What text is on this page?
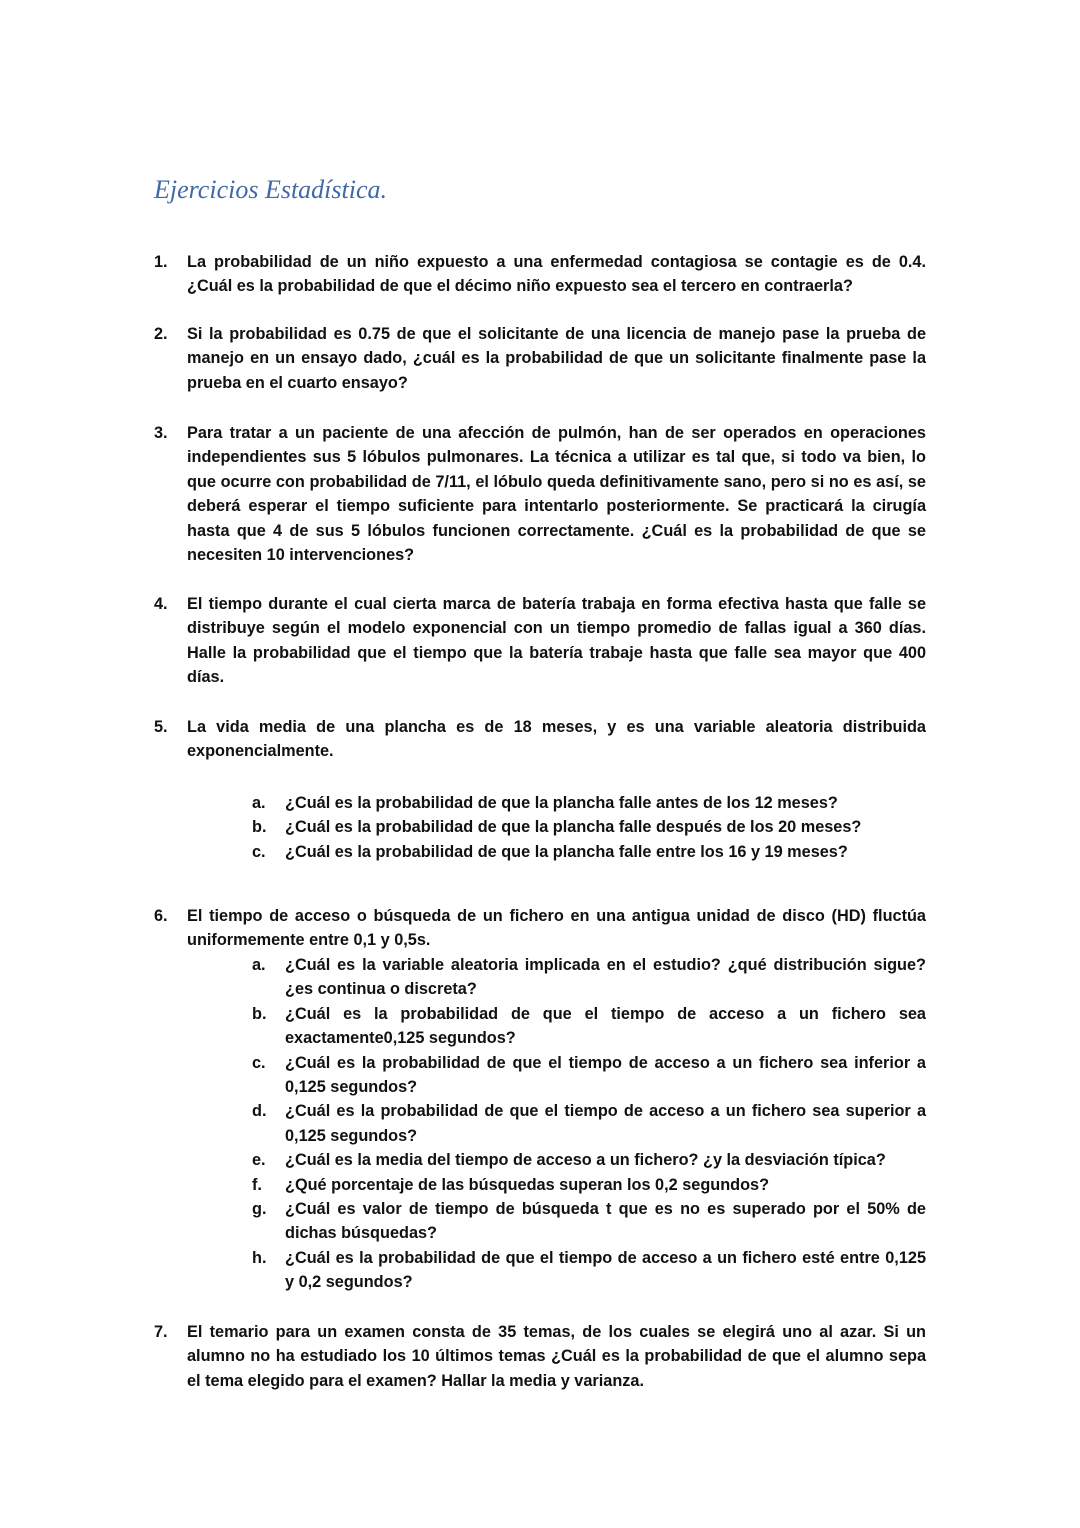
Ejercicios Estadística.
1.	La probabilidad de un niño expuesto a una enfermedad contagiosa se contagie es de 0.4. ¿Cuál es la probabilidad de que el décimo niño expuesto sea el tercero en contraerla?
2.	Si la probabilidad es 0.75 de que el solicitante de una licencia de manejo pase la prueba de manejo en un ensayo dado, ¿cuál es la probabilidad de que un solicitante finalmente pase la prueba en el cuarto ensayo?
3.	Para tratar a un paciente de una afección de pulmón, han de ser operados en operaciones independientes sus 5 lóbulos pulmonares. La técnica a utilizar es tal que, si todo va bien, lo que ocurre con probabilidad de 7/11, el lóbulo queda definitivamente sano, pero si no es así, se deberá esperar el tiempo suficiente para intentarlo posteriormente. Se practicará la cirugía hasta que 4 de sus 5 lóbulos funcionen correctamente. ¿Cuál es la probabilidad de que se necesiten 10 intervenciones?
4.	El tiempo durante el cual cierta marca de batería trabaja en forma efectiva hasta que falle se distribuye según el modelo exponencial con un tiempo promedio de fallas igual a 360 días. Halle la probabilidad que el tiempo que la batería trabaje hasta que falle sea mayor que 400 días.
5.	La vida media de una plancha es de 18 meses, y es una variable aleatoria distribuida exponencialmente.
a. ¿Cuál es la probabilidad de que la plancha falle antes de los 12 meses?
b. ¿Cuál es la probabilidad de que la plancha falle después de los 20 meses?
c. ¿Cuál es la probabilidad de que la plancha falle entre los 16 y 19 meses?
6.	El tiempo de acceso o búsqueda de un fichero en una antigua unidad de disco (HD) fluctúa uniformemente entre 0,1 y 0,5s.
a. ¿Cuál es la variable aleatoria implicada en el estudio? ¿qué distribución sigue? ¿es continua o discreta?
b. ¿Cuál es la probabilidad de que el tiempo de acceso a un fichero sea exactamente0,125 segundos?
c. ¿Cuál es la probabilidad de que el tiempo de acceso a un fichero sea inferior a 0,125 segundos?
d. ¿Cuál es la probabilidad de que el tiempo de acceso a un fichero sea superior a 0,125 segundos?
e. ¿Cuál es la media del tiempo de acceso a un fichero? ¿y la desviación típica?
f. ¿Qué porcentaje de las búsquedas superan los 0,2 segundos?
g. ¿Cuál es valor de tiempo de búsqueda t que es no es superado por el 50% de dichas búsquedas?
h. ¿Cuál es la probabilidad de que el tiempo de acceso a un fichero esté entre 0,125 y 0,2 segundos?
7.	El temario para un examen consta de 35 temas, de los cuales se elegirá uno al azar. Si un alumno no ha estudiado los 10 últimos temas ¿Cuál es la probabilidad de que el alumno sepa el tema elegido para el examen? Hallar la media y varianza.
